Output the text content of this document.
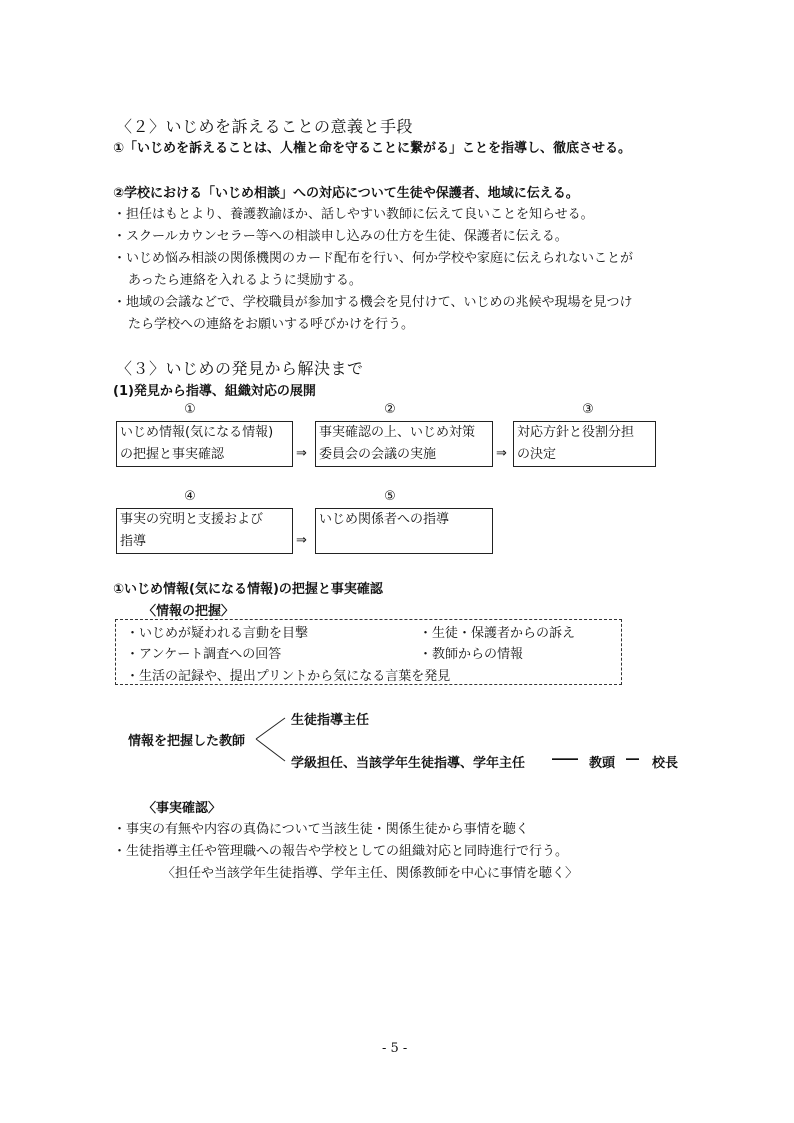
〈２〉いじめを訴えることの意義と手段
①「いじめを訴えることは、人権と命を守ることに繋がる」ことを指導し、徹底させる。
②学校における「いじめ相談」への対応について生徒や保護者、地域に伝える。
・担任はもとより、養護教諭ほか、話しやすい教師に伝えて良いことを知らせる。
・スクールカウンセラー等への相談申し込みの仕方を生徒、保護者に伝える。
・いじめ悩み相談の関係機関のカード配布を行い、何か学校や家庭に伝えられないことが
あったら連絡を入れるように奨励する。
・地域の会議などで、学校職員が参加する機会を見付けて、いじめの兆候や現場を見つけ
たら学校への連絡をお願いする呼びかけを行う。
〈３〉いじめの発見から解決まで
(1)発見から指導、組織対応の展開
①	②	③
いじめ情報(気になる情報)
の把握と事実確認	⇒
事実確認の上、いじめ対策
委員会の会議の実施	⇒
対応方針と役割分担
の決定
④	⑤
事実の究明と支援および
指導	⇒
いじめ関係者への指導
①いじめ情報(気になる情報)の把握と事実確認
〈情報の把握〉
・いじめが疑われる言動を目撃	・生徒・保護者からの訴え
・アンケート調査への回答	・教師からの情報
・生活の記録や、提出プリントから気になる言葉を発見
情報を把握した教師
生徒指導主任
学級担任、当該学年生徒指導、学年主任 ―― 教頭 ― 校長
〈事実確認〉
・事実の有無や内容の真偽について当該生徒・関係生徒から事情を聴く
・生徒指導主任や管理職への報告や学校としての組織対応と同時進行で行う。
〈担任や当該学年生徒指導、学年主任、関係教師を中心に事情を聴く〉
- 5 -
